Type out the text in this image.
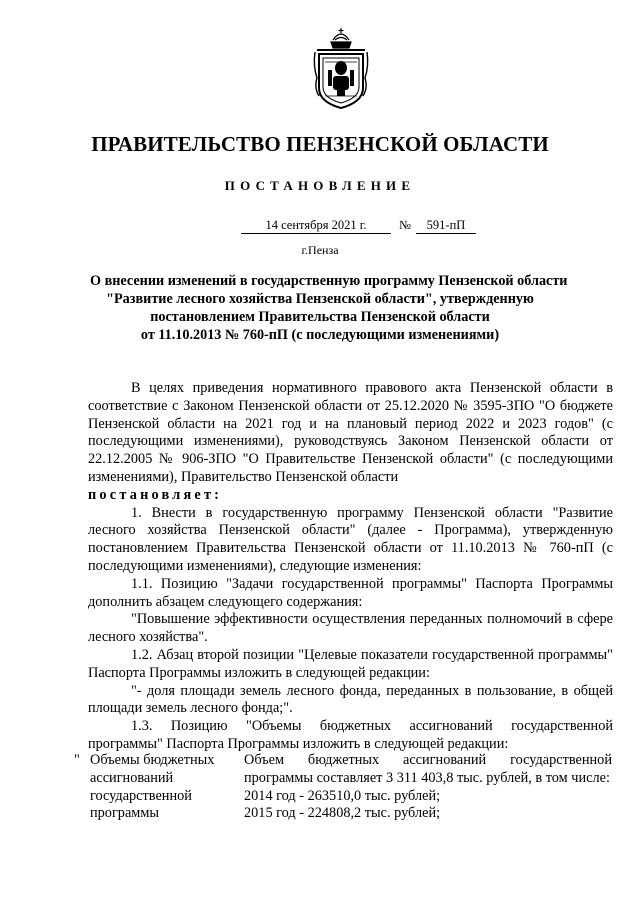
ПРАВИТЕЛЬСТВО ПЕНЗЕНСКОЙ ОБЛАСТИ
ПОСТАНОВЛЕНИЕ
14 сентября 2021 г.	№	591-пП
г.Пенза
О внесении изменений в государственную программу Пензенской области
"Развитие лесного хозяйства Пензенской области", утвержденную
постановлением Правительства Пензенской области
от 11.10.2013 № 760-пП (с последующими изменениями)
В целях приведения нормативного правового акта Пензенской области в соответствие с Законом Пензенской области от 25.12.2020 № 3595-ЗПО "О бюджете Пензенской области на 2021 год и на плановый период 2022 и 2023 годов" (с последующими изменениями), руководствуясь Законом Пензенской области от 22.12.2005 № 906-ЗПО "О Правительстве Пензенской области" (с последующими изменениями), Правительство Пензенской области
постановляет:
1. Внести в государственную программу Пензенской области "Развитие лесного хозяйства Пензенской области" (далее - Программа), утвержденную постановлением Правительства Пензенской области от 11.10.2013 № 760-пП (с последующими изменениями), следующие изменения:
1.1. Позицию "Задачи государственной программы" Паспорта Программы дополнить абзацем следующего содержания:
"Повышение эффективности осуществления переданных полномочий в сфере лесного хозяйства".
1.2. Абзац второй позиции "Целевые показатели государственной программы" Паспорта Программы изложить в следующей редакции:
"- доля площади земель лесного фонда, переданных в пользование, в общей площади земель лесного фонда;".
1.3. Позицию "Объемы бюджетных ассигнований государственной программы" Паспорта Программы изложить в следующей редакции:
" Объемы бюджетных
ассигнований
государственной
программы
Объем бюджетных ассигнований государственной программы составляет 3 311 403,8 тыс. рублей, в том числе:
2014 год - 263510,0 тыс. рублей;
2015 год - 224808,2 тыс. рублей;
